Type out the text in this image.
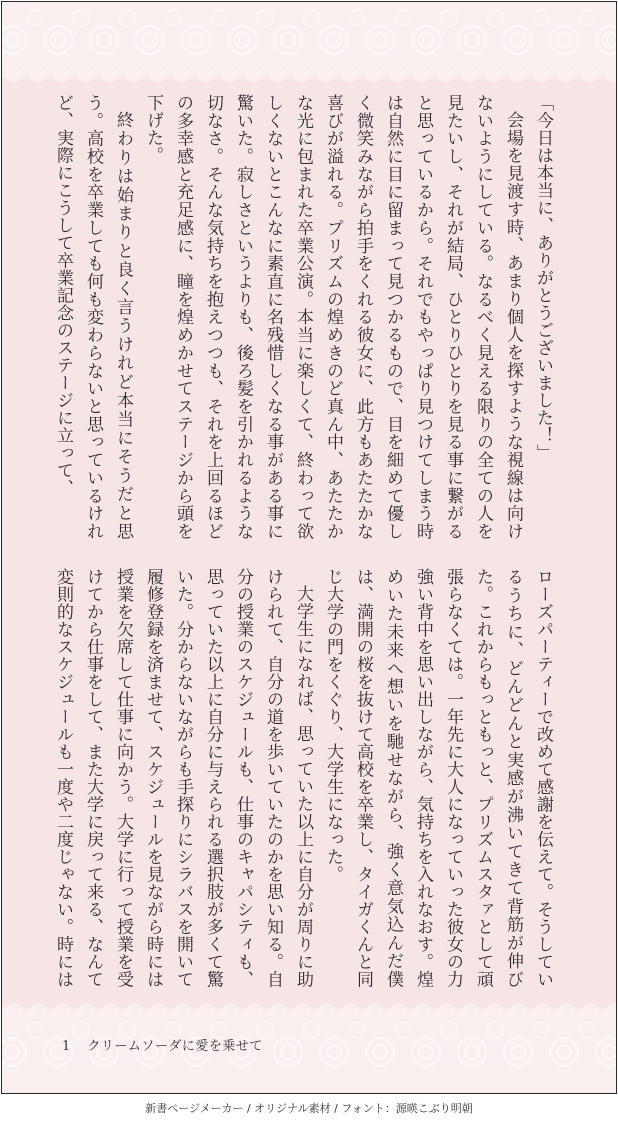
「今日は本当に、ありがとうございました！」

会場を見渡す時、あまり個人を探すような視線は向けないようにしている。なるべく見える限りの全ての人を見たいし、それが結局、ひとりひとりを見る事に繋がると思っているから。それでもやっぱり見つけてしまう時は自然に目に留まって見つかるもので、目を細めて優しく微笑みながら拍手をくれる彼女に、此方もあたたかな喜びが溢れる。プリズムの煌めきのど真ん中、あたたかな光に包まれた卒業公演。本当に楽しくて、終わって欲しくないとこんなに素直に名残惜しくなる事がある事に驚いた。寂しさというよりも、後ろ髪を引かれるような切なさ。そんな気持ちを抱えつつも、それを上回るほどの多幸感と充足感に、瞳を煌めかせてステージから頭を下げた。

終わりは始まりと良く言うけれど本当にそうだと思う。高校を卒業しても何も変わらないと思っているけれど、実際にこうして卒業記念のステージに立って、

ローズパーティーで改めて感謝を伝えて。そうしているうちに、どんどんと実感が沸いてきて背筋が伸びた。これからもっともっと、プリズムスタァとして頑張らなくては。一年先に大人になっていった彼女の力強い背中を思い出しながら、気持ちを入れなおす。煌めいた未来へ想いを馳せながら、強く意気込んだ僕は、満開の桜を抜けて高校を卒業し、タイガくんと同じ大学の門をくぐり、大学生になった。

大学生になれば、思っていた以上に自分が周りに助けられて、自分の道を歩いていたのかを思い知る。自分の授業のスケジュールも、仕事のキャパシティも、思っていた以上に自分に与えられる選択肢が多くて驚いた。分からないながらも手探りにシラバスを開いて履修登録を済ませて、スケジュールを見ながら時には授業を欠席して仕事に向かう。大学に行って授業を受けてから仕事をして、また大学に戻って来る、なんて変則的なスケジュールも一度や二度じゃない。時には

1 クリームソーダに愛を乗せて
新書ページメーカー / オリジナル素材 / フォント：源暎こぶり明朝
